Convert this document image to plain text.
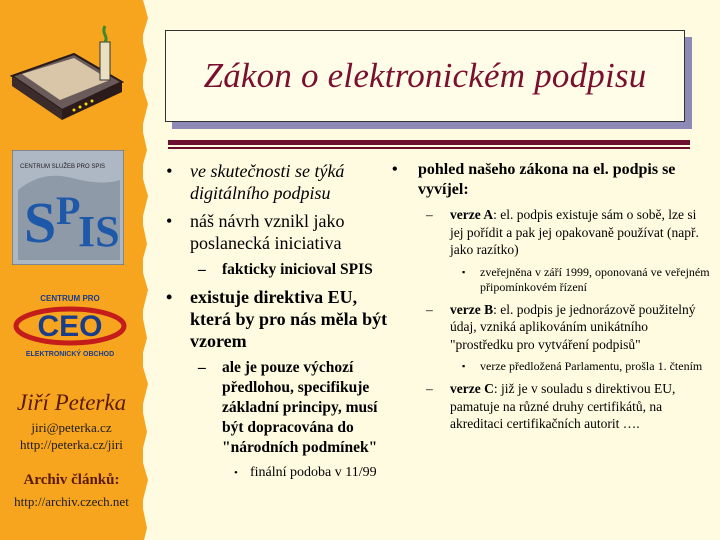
CENTRUM SLUŽEB PRO SPIS
S P
IS
CENTRUM PRO
CEO
ELEKTRONICKÝ OBCHOD
Jiří Peterka
jiri@peterka.cz
http://peterka.cz/jiri
Archiv článků:
http://archiv.czech.net
Zákon o elektronickém podpisu
• ve skutečnosti se týká digitálního podpisu
• náš návrh vznikl jako poslanecká iniciativa
– fakticky inicioval SPIS
• existuje direktiva EU, která by pro nás měla být vzorem
– ale je pouze výchozí předlohou, specifikuje základní principy, musí být dopracována do "národních podmínek"
• finální podoba v 11/99
• pohled našeho zákona na el. podpis se vyvíjel:
– verze A: el. podpis existuje sám o sobě, lze si jej pořídit a pak jej opakovaně používat (např. jako razítko)
▪ zveřejněna v září 1999, oponovaná ve veřejném připomínkovém řízení
– verze B: el. podpis je jednorázově použitelný údaj, vzniká aplikováním unikátního "prostředku pro vytváření podpisů"
▪ verze předložená Parlamentu, prošla 1. čtením
– verze C: již je v souladu s direktivou EU, pamatuje na různé druhy certifikátů, na akreditaci certifikačních autorit ….
